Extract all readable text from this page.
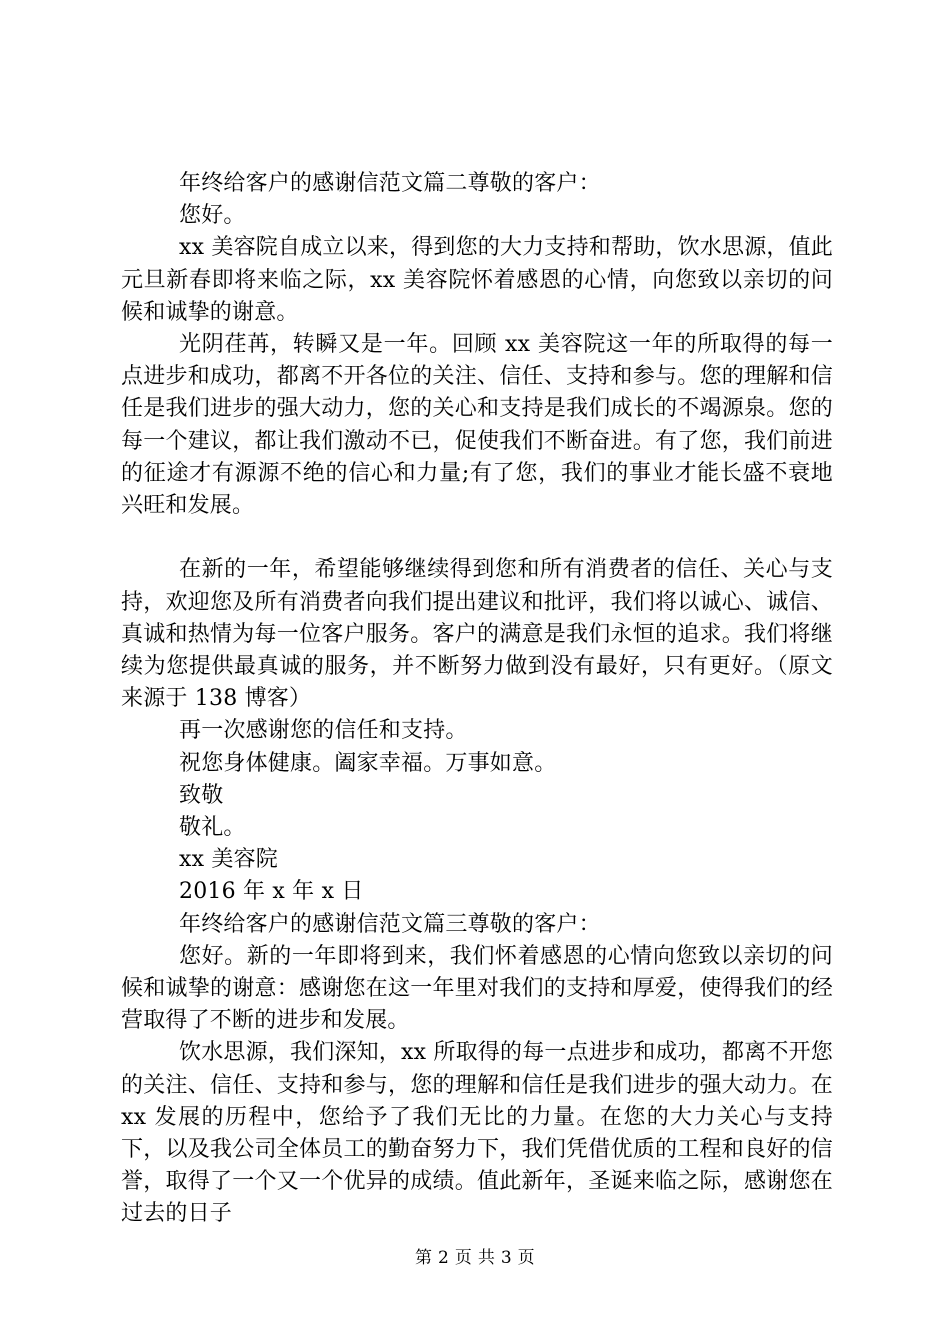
年终给客户的感谢信范文篇二尊敬的客户：

您好。

xx 美容院自成立以来，得到您的大力支持和帮助，饮水思源，值此元旦新春即将来临之际，xx 美容院怀着感恩的心情，向您致以亲切的问候和诚挚的谢意。

光阴荏苒，转瞬又是一年。回顾 xx 美容院这一年的所取得的每一点进步和成功，都离不开各位的关注、信任、支持和参与。您的理解和信任是我们进步的强大动力，您的关心和支持是我们成长的不竭源泉。您的每一个建议，都让我们激动不已，促使我们不断奋进。有了您，我们前进的征途才有源源不绝的信心和力量;有了您，我们的事业才能长盛不衰地兴旺和发展。

在新的一年，希望能够继续得到您和所有消费者的信任、关心与支持，欢迎您及所有消费者向我们提出建议和批评，我们将以诚心、诚信、真诚和热情为每一位客户服务。客户的满意是我们永恒的追求。我们将继续为您提供最真诚的服务，并不断努力做到没有最好，只有更好。（原文来源于 138 博客）

再一次感谢您的信任和支持。

祝您身体健康。阖家幸福。万事如意。

致敬

敬礼。

xx 美容院

2016 年 x 年 x 日

年终给客户的感谢信范文篇三尊敬的客户：

您好。新的一年即将到来，我们怀着感恩的心情向您致以亲切的问候和诚挚的谢意：感谢您在这一年里对我们的支持和厚爱，使得我们的经营取得了不断的进步和发展。

饮水思源，我们深知，xx 所取得的每一点进步和成功，都离不开您的关注、信任、支持和参与，您的理解和信任是我们进步的强大动力。在 xx 发展的历程中，您给予了我们无比的力量。在您的大力关心与支持下，以及我公司全体员工的勤奋努力下，我们凭借优质的工程和良好的信誉，取得了一个又一个优异的成绩。值此新年，圣诞来临之际，感谢您在过去的日子

第 2 页 共 3 页
